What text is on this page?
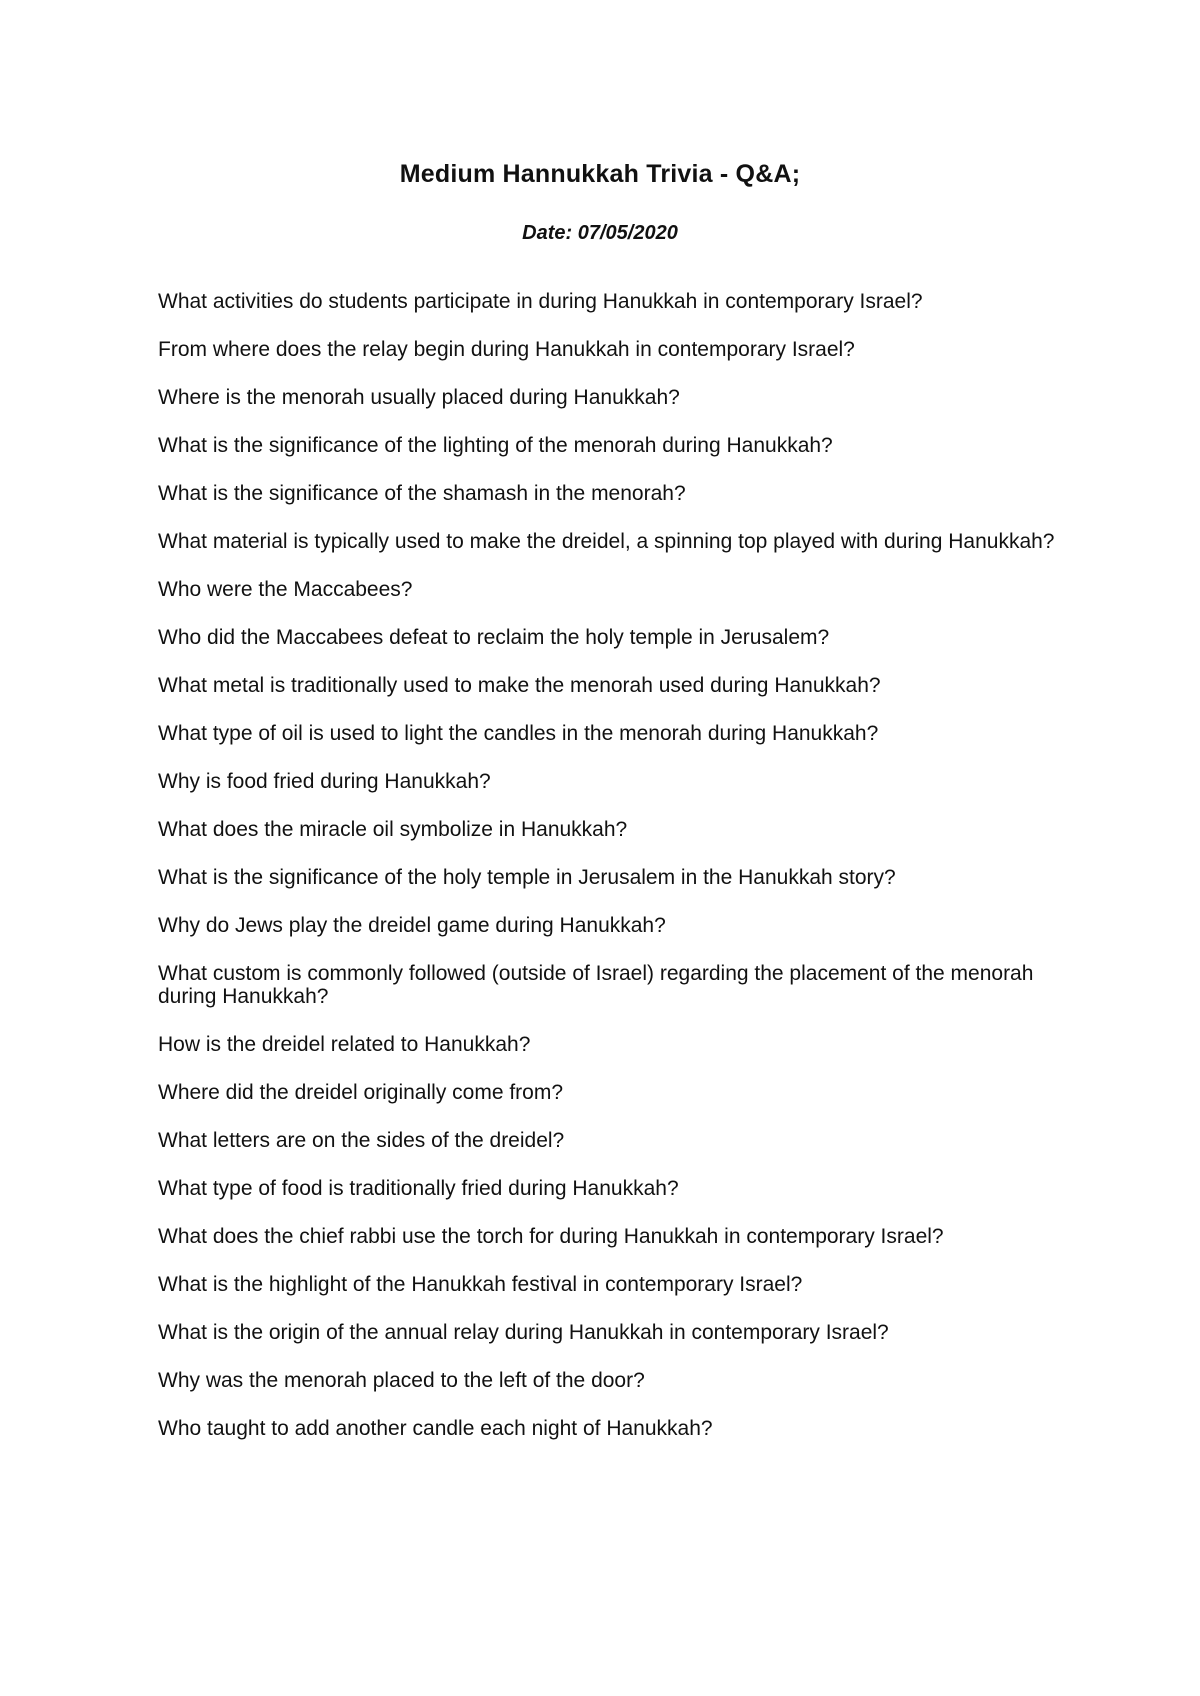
Medium Hannukkah Trivia - Q&A;
Date: 07/05/2020
What activities do students participate in during Hanukkah in contemporary Israel?
From where does the relay begin during Hanukkah in contemporary Israel?
Where is the menorah usually placed during Hanukkah?
What is the significance of the lighting of the menorah during Hanukkah?
What is the significance of the shamash in the menorah?
What material is typically used to make the dreidel, a spinning top played with during Hanukkah?
Who were the Maccabees?
Who did the Maccabees defeat to reclaim the holy temple in Jerusalem?
What metal is traditionally used to make the menorah used during Hanukkah?
What type of oil is used to light the candles in the menorah during Hanukkah?
Why is food fried during Hanukkah?
What does the miracle oil symbolize in Hanukkah?
What is the significance of the holy temple in Jerusalem in the Hanukkah story?
Why do Jews play the dreidel game during Hanukkah?
What custom is commonly followed (outside of Israel) regarding the placement of the menorah during Hanukkah?
How is the dreidel related to Hanukkah?
Where did the dreidel originally come from?
What letters are on the sides of the dreidel?
What type of food is traditionally fried during Hanukkah?
What does the chief rabbi use the torch for during Hanukkah in contemporary Israel?
What is the highlight of the Hanukkah festival in contemporary Israel?
What is the origin of the annual relay during Hanukkah in contemporary Israel?
Why was the menorah placed to the left of the door?
Who taught to add another candle each night of Hanukkah?
